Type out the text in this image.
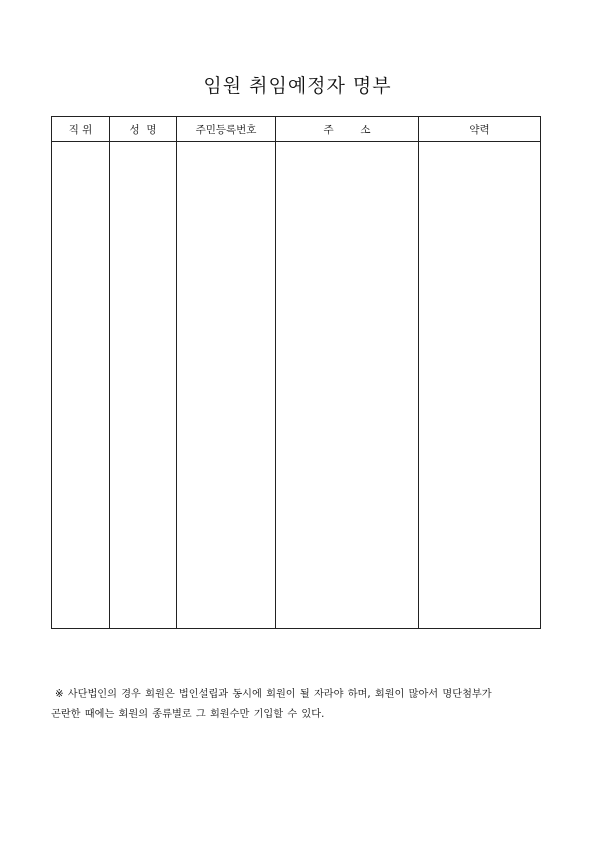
임원 취임예정자 명부
직 위	성  명	주민등록번호	주        소	약력

※ 사단법인의 경우 회원은 법인설립과 동시에 회원이 될 자라야 하며, 회원이 많아서 명단첨부가
곤란한 때에는 회원의 종류별로 그 회원수만 기입할 수 있다.
